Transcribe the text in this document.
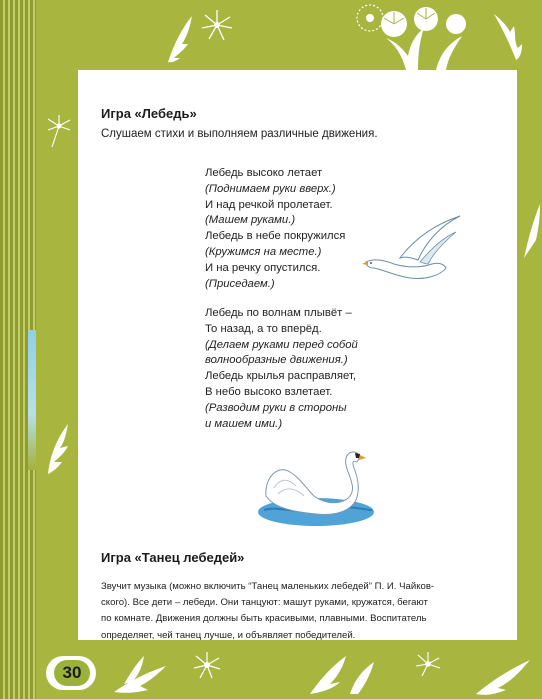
Игра «Лебедь»

Слушаем стихи и выполняем различные движения.

Лебедь высоко летает
(Поднимаем руки вверх.)
И над речкой пролетает.
(Машем руками.)
Лебедь в небе покружился
(Кружимся на месте.)
И на речку опустился.
(Приседаем.)
Лебедь по волнам плывёт –
То назад, а то вперёд.
(Делаем руками перед собой
волнообразные движения.)
Лебедь крылья расправляет,
В небо высоко взлетает.
(Разводим руки в стороны
и машем ими.)
Игра «Танец лебедей»
Звучит музыка (можно включить “Танец маленьких лебедей” П. И. Чайков-
ского). Все дети – лебеди. Они танцуют: машут руками, кружатся, бегают
по комнате. Движения должны быть красивыми, плавными. Воспитатель
определяет, чей танец лучше, и объявляет победителей.
30
